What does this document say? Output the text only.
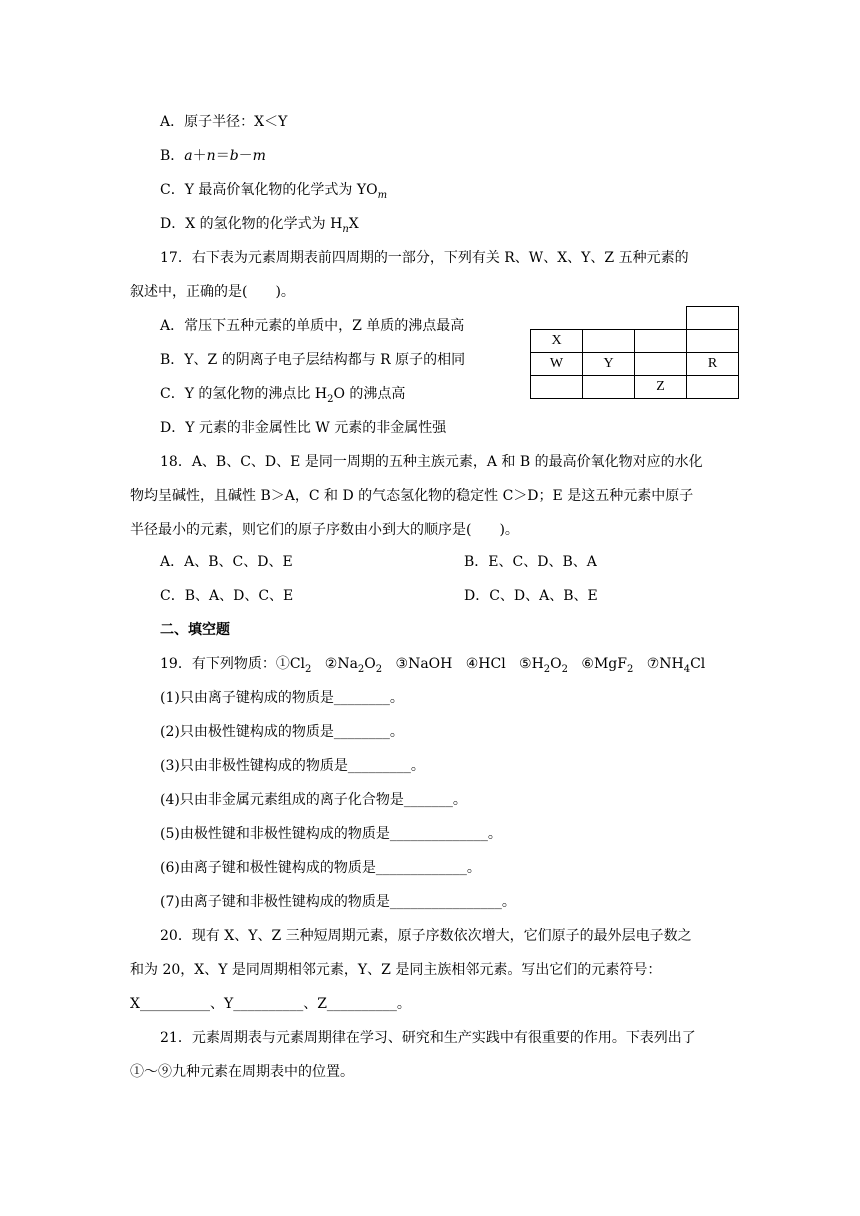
A．原子半径：X＜Y
B．a＋n＝b－m
C．Y 最高价氧化物的化学式为 $YO_m$
D．X 的氢化物的化学式为 $H_nX$
17．右下表为元素周期表前四周期的一部分，下列有关 R、W、X、Y、Z 五种元素的
叙述中，正确的是(　　)。
A．常压下五种元素的单质中，Z 单质的沸点最高
B．Y、Z 的阴离子电子层结构都与 R 原子的相同
C．Y 的氢化物的沸点比 $H_2O$ 的沸点高
D．Y 元素的非金属性比 W 元素的非金属性强

X			
W	Y		R
		Z	
18．A、B、C、D、E 是同一周期的五种主族元素，A 和 B 的最高价氧化物对应的水化
物均呈碱性，且碱性 B＞A，C 和 D 的气态氢化物的稳定性 C＞D；E 是这五种元素中原子
半径最小的元素，则它们的原子序数由小到大的顺序是(　　)。
A．A、B、C、D、E	B．E、C、D、B、A
C．B、A、D、C、E	D．C、D、A、B、E
二、填空题
19．有下列物质：$①Cl_2$ $②Na_2O_2$ ③NaOH ④HCl $⑤H_2O_2$ ⑥MgF$_2$ $⑦NH_4Cl$
(1)只由离子键构成的物质是________。
(2)只由极性键构成的物质是________。
(3)只由非极性键构成的物质是_________。
(4)只由非金属元素组成的离子化合物是_______。
(5)由极性键和非极性键构成的物质是______________。
(6)由离子键和极性键构成的物质是_____________。
(7)由离子键和非极性键构成的物质是________________。
20．现有 X、Y、Z 三种短周期元素，原子序数依次增大，它们原子的最外层电子数之
和为 20，X、Y 是同周期相邻元素，Y、Z 是同主族相邻元素。写出它们的元素符号：
X__________、Y__________、Z__________。
21．元素周期表与元素周期律在学习、研究和生产实践中有很重要的作用。下表列出了
①～⑨九种元素在周期表中的位置。
